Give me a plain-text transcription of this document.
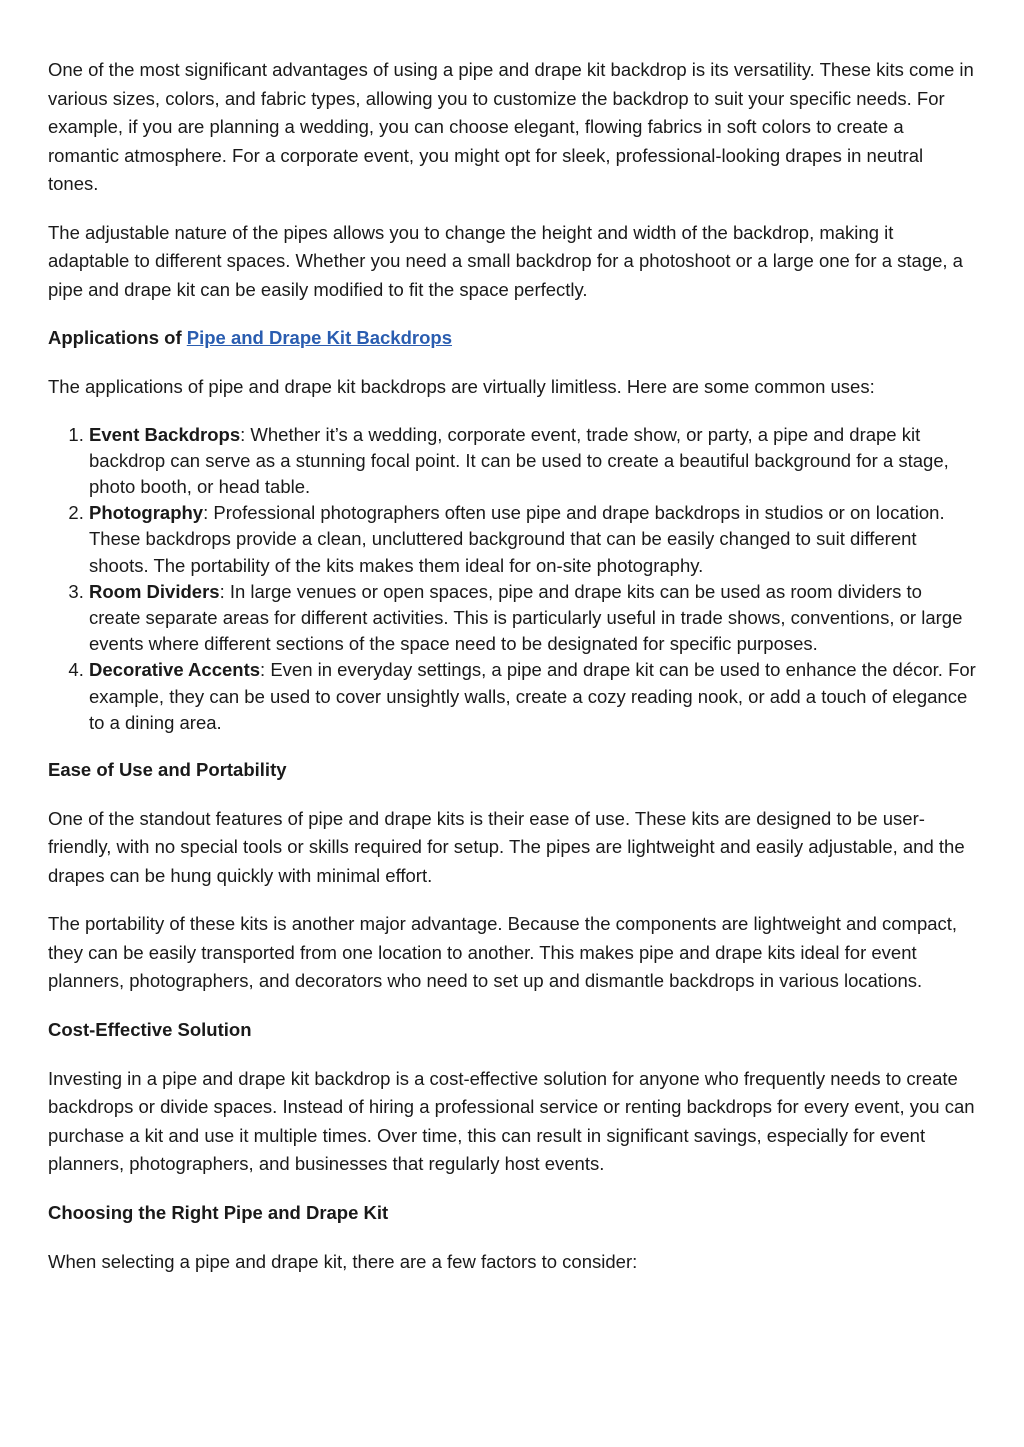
One of the most significant advantages of using a pipe and drape kit backdrop is its versatility. These kits come in various sizes, colors, and fabric types, allowing you to customize the backdrop to suit your specific needs. For example, if you are planning a wedding, you can choose elegant, flowing fabrics in soft colors to create a romantic atmosphere. For a corporate event, you might opt for sleek, professional-looking drapes in neutral tones.

The adjustable nature of the pipes allows you to change the height and width of the backdrop, making it adaptable to different spaces. Whether you need a small backdrop for a photoshoot or a large one for a stage, a pipe and drape kit can be easily modified to fit the space perfectly.

Applications of Pipe and Drape Kit Backdrops

The applications of pipe and drape kit backdrops are virtually limitless. Here are some common uses:

1. Event Backdrops: Whether it’s a wedding, corporate event, trade show, or party, a pipe and drape kit backdrop can serve as a stunning focal point. It can be used to create a beautiful background for a stage, photo booth, or head table.
2. Photography: Professional photographers often use pipe and drape backdrops in studios or on location. These backdrops provide a clean, uncluttered background that can be easily changed to suit different shoots. The portability of the kits makes them ideal for on-site photography.
3. Room Dividers: In large venues or open spaces, pipe and drape kits can be used as room dividers to create separate areas for different activities. This is particularly useful in trade shows, conventions, or large events where different sections of the space need to be designated for specific purposes.
4. Decorative Accents: Even in everyday settings, a pipe and drape kit can be used to enhance the décor. For example, they can be used to cover unsightly walls, create a cozy reading nook, or add a touch of elegance to a dining area.
Ease of Use and Portability

One of the standout features of pipe and drape kits is their ease of use. These kits are designed to be user-friendly, with no special tools or skills required for setup. The pipes are lightweight and easily adjustable, and the drapes can be hung quickly with minimal effort.

The portability of these kits is another major advantage. Because the components are lightweight and compact, they can be easily transported from one location to another. This makes pipe and drape kits ideal for event planners, photographers, and decorators who need to set up and dismantle backdrops in various locations.

Cost-Effective Solution

Investing in a pipe and drape kit backdrop is a cost-effective solution for anyone who frequently needs to create backdrops or divide spaces. Instead of hiring a professional service or renting backdrops for every event, you can purchase a kit and use it multiple times. Over time, this can result in significant savings, especially for event planners, photographers, and businesses that regularly host events.

Choosing the Right Pipe and Drape Kit

When selecting a pipe and drape kit, there are a few factors to consider:
